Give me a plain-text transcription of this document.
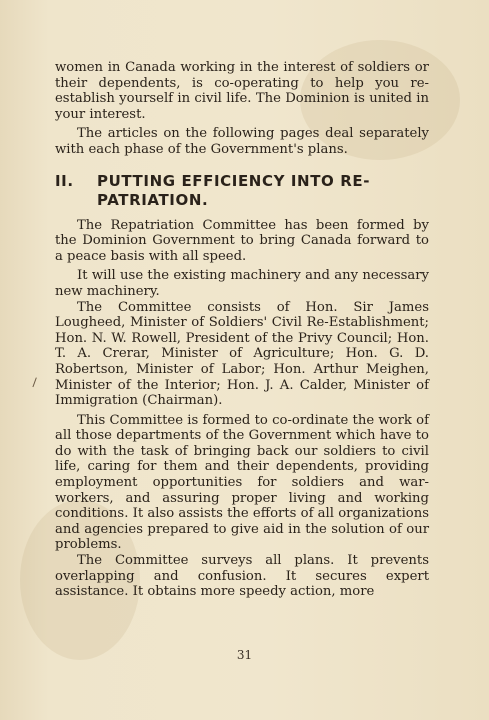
women in Canada working in the interest of soldiers or their dependents, is co-operating to help you re-establish yourself in civil life. The Dominion is united in your interest.

The articles on the following pages deal separately with each phase of the Government's plans.

II.	PUTTING EFFICIENCY INTO RE-PATRIATION.

The Repatriation Committee has been formed by the Dominion Government to bring Canada forward to a peace basis with all speed.

It will use the existing machinery and any necessary new machinery.

The Committee consists of Hon. Sir James Lougheed, Minister of Soldiers' Civil Re-Establishment; Hon. N. W. Rowell, President of the Privy Council; Hon. T. A. Crerar, Minister of Agriculture; Hon. G. D. Robertson, Minister of Labor; Hon. Arthur Meighen, Minister of the Interior; Hon. J. A. Calder, Minister of Immigration (Chairman).

This Committee is formed to co-ordinate the work of all those departments of the Government which have to do with the task of bringing back our soldiers to civil life, caring for them and their dependents, providing employment opportunities for soldiers and war-workers, and assuring proper living and working conditions. It also assists the efforts of all organizations and agencies prepared to give aid in the solution of our problems.

The Committee surveys all plans. It prevents overlapping and confusion. It secures expert assistance. It obtains more speedy action, more

31
